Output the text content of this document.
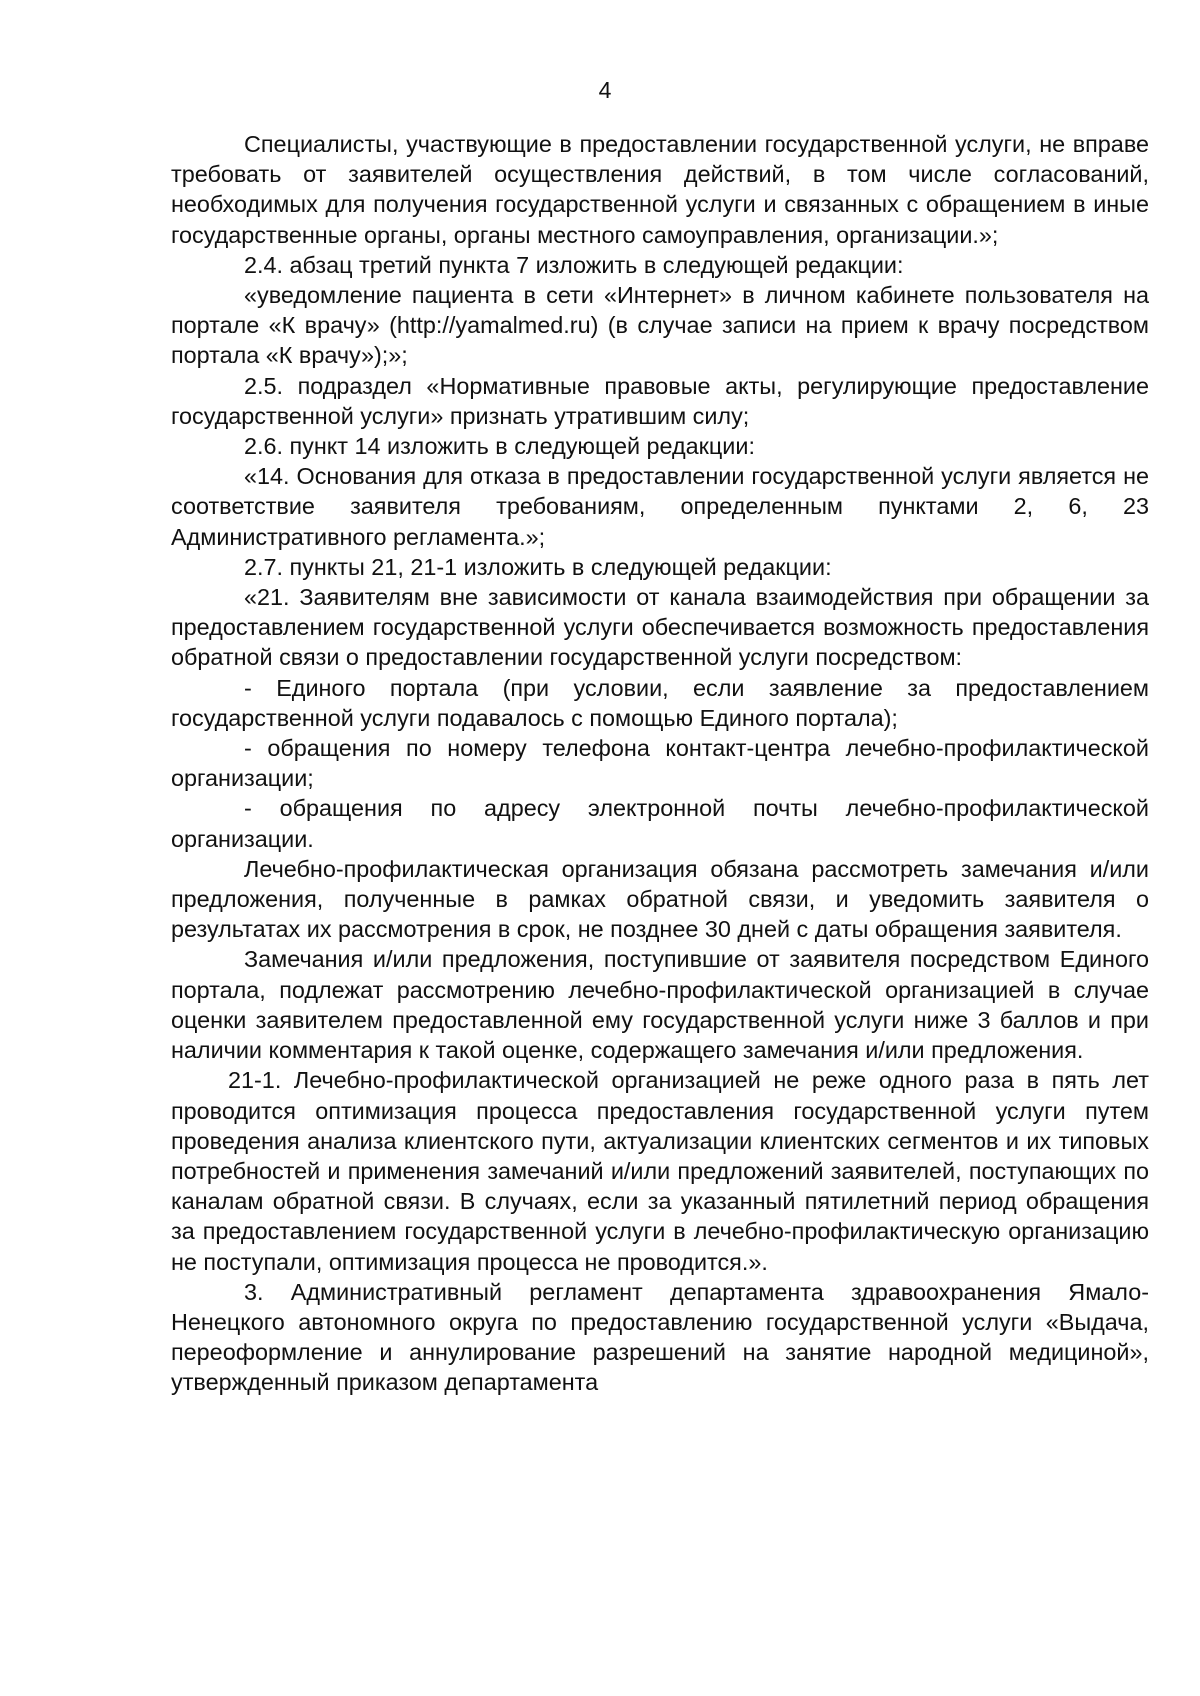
4

Специалисты, участвующие в предоставлении государственной услуги, не вправе требовать от заявителей осуществления действий, в том числе согласований, необходимых для получения государственной услуги и связанных с обращением в иные государственные органы, органы местного самоуправления, организации.»;

2.4. абзац третий пункта 7 изложить в следующей редакции:

«уведомление пациента в сети «Интернет» в личном кабинете пользователя на портале «К врачу» (http://yamalmed.ru) (в случае записи на прием к врачу посредством портала «К врачу»);»;

2.5. подраздел «Нормативные правовые акты, регулирующие предоставление государственной услуги» признать утратившим силу;

2.6. пункт 14 изложить в следующей редакции:

«14. Основания для отказа в предоставлении государственной услуги является не соответствие заявителя требованиям, определенным пунктами 2, 6, 23 Административного регламента.»;

2.7. пункты 21, 21-1 изложить в следующей редакции:

«21. Заявителям вне зависимости от канала взаимодействия при обращении за предоставлением государственной услуги обеспечивается возможность предоставления обратной связи о предоставлении государственной услуги посредством:

- Единого портала (при условии, если заявление за предоставлением государственной услуги подавалось с помощью Единого портала);

- обращения по номеру телефона контакт-центра лечебно-профилактической организации;

- обращения по адресу электронной почты лечебно-профилактической организации.

Лечебно-профилактическая организация обязана рассмотреть замечания и/или предложения, полученные в рамках обратной связи, и уведомить заявителя о результатах их рассмотрения в срок, не позднее 30 дней с даты обращения заявителя.

Замечания и/или предложения, поступившие от заявителя посредством Единого портала, подлежат рассмотрению лечебно-профилактической организацией в случае оценки заявителем предоставленной ему государственной услуги ниже 3 баллов и при наличии комментария к такой оценке, содержащего замечания и/или предложения.

21-1. Лечебно-профилактической организацией не реже одного раза в пять лет проводится оптимизация процесса предоставления государственной услуги путем проведения анализа клиентского пути, актуализации клиентских сегментов и их типовых потребностей и применения замечаний и/или предложений заявителей, поступающих по каналам обратной связи. В случаях, если за указанный пятилетний период обращения за предоставлением государственной услуги в лечебно-профилактическую организацию не поступали, оптимизация процесса не проводится.».

3. Административный регламент департамента здравоохранения Ямало-Ненецкого автономного округа по предоставлению государственной услуги «Выдача, переоформление и аннулирование разрешений на занятие народной медициной», утвержденный приказом департамента
